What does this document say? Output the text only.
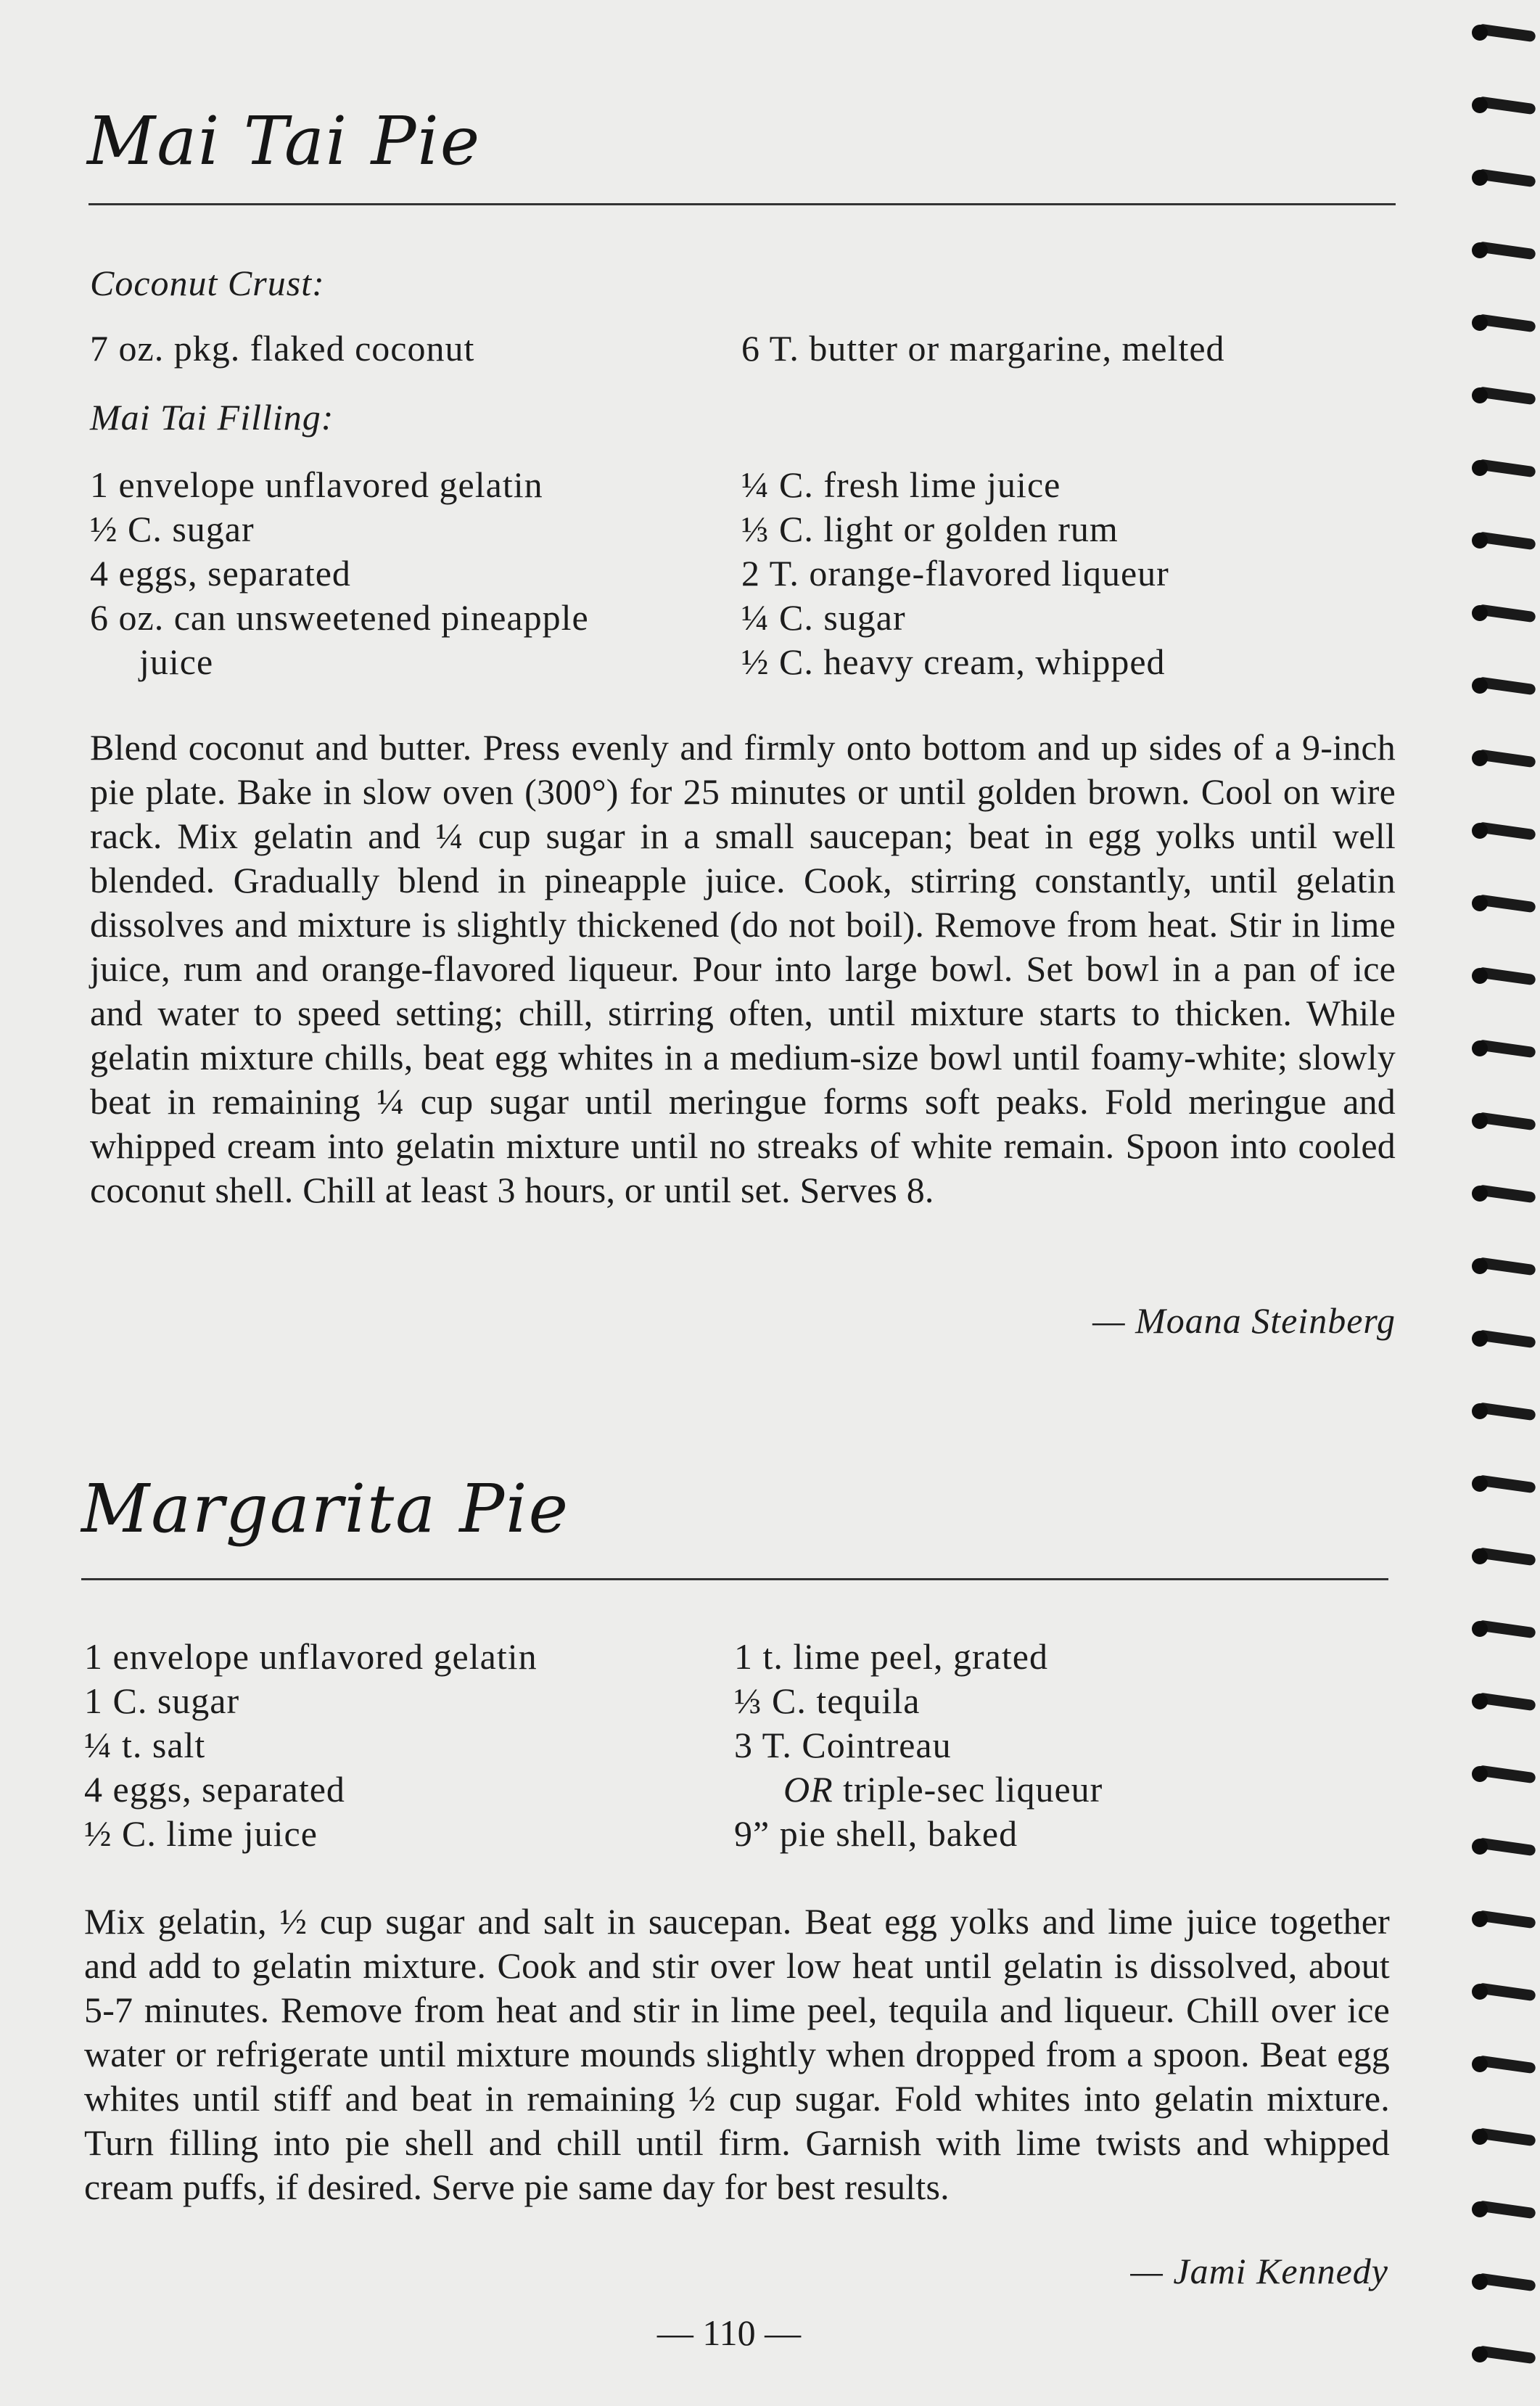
Mai Tai Pie
Coconut Crust:
7 oz. pkg. flaked coconut	6 T. butter or margarine, melted
Mai Tai Filling:
1 envelope unflavored gelatin
½ C. sugar
4 eggs, separated
6 oz. can unsweetened pineapple
juice
¼ C. fresh lime juice
⅓ C. light or golden rum
2 T. orange-flavored liqueur
¼ C. sugar
½ C. heavy cream, whipped

Blend coconut and butter. Press evenly and firmly onto bottom and up sides of a 9-inch pie plate. Bake in slow oven (300°) for 25 minutes or until golden brown. Cool on wire rack. Mix gelatin and ¼ cup sugar in a small saucepan; beat in egg yolks until well blended. Gradually blend in pineapple juice. Cook, stirring constantly, until gelatin dissolves and mixture is slightly thickened (do not boil). Remove from heat. Stir in lime juice, rum and orange-flavored liqueur. Pour into large bowl. Set bowl in a pan of ice and water to speed setting; chill, stirring often, until mixture starts to thicken. While gelatin mixture chills, beat egg whites in a medium-size bowl until foamy-white; slowly beat in remaining ¼ cup sugar until meringue forms soft peaks. Fold meringue and whipped cream into gelatin mixture until no streaks of white remain. Spoon into cooled coconut shell. Chill at least 3 hours, or until set. Serves 8.

— Moana Steinberg
Margarita Pie
1 envelope unflavored gelatin
1 C. sugar
¼ t. salt
4 eggs, separated
½ C. lime juice
1 t. lime peel, grated
⅓ C. tequila
3 T. Cointreau
OR triple-sec liqueur
9” pie shell, baked

Mix gelatin, ½ cup sugar and salt in saucepan. Beat egg yolks and lime juice together and add to gelatin mixture. Cook and stir over low heat until gelatin is dissolved, about 5-7 minutes. Remove from heat and stir in lime peel, tequila and liqueur. Chill over ice water or refrigerate until mixture mounds slightly when dropped from a spoon. Beat egg whites until stiff and beat in remaining ½ cup sugar. Fold whites into gelatin mixture. Turn filling into pie shell and chill until firm. Garnish with lime twists and whipped cream puffs, if desired. Serve pie same day for best results.

— Jami Kennedy
— 110 —
